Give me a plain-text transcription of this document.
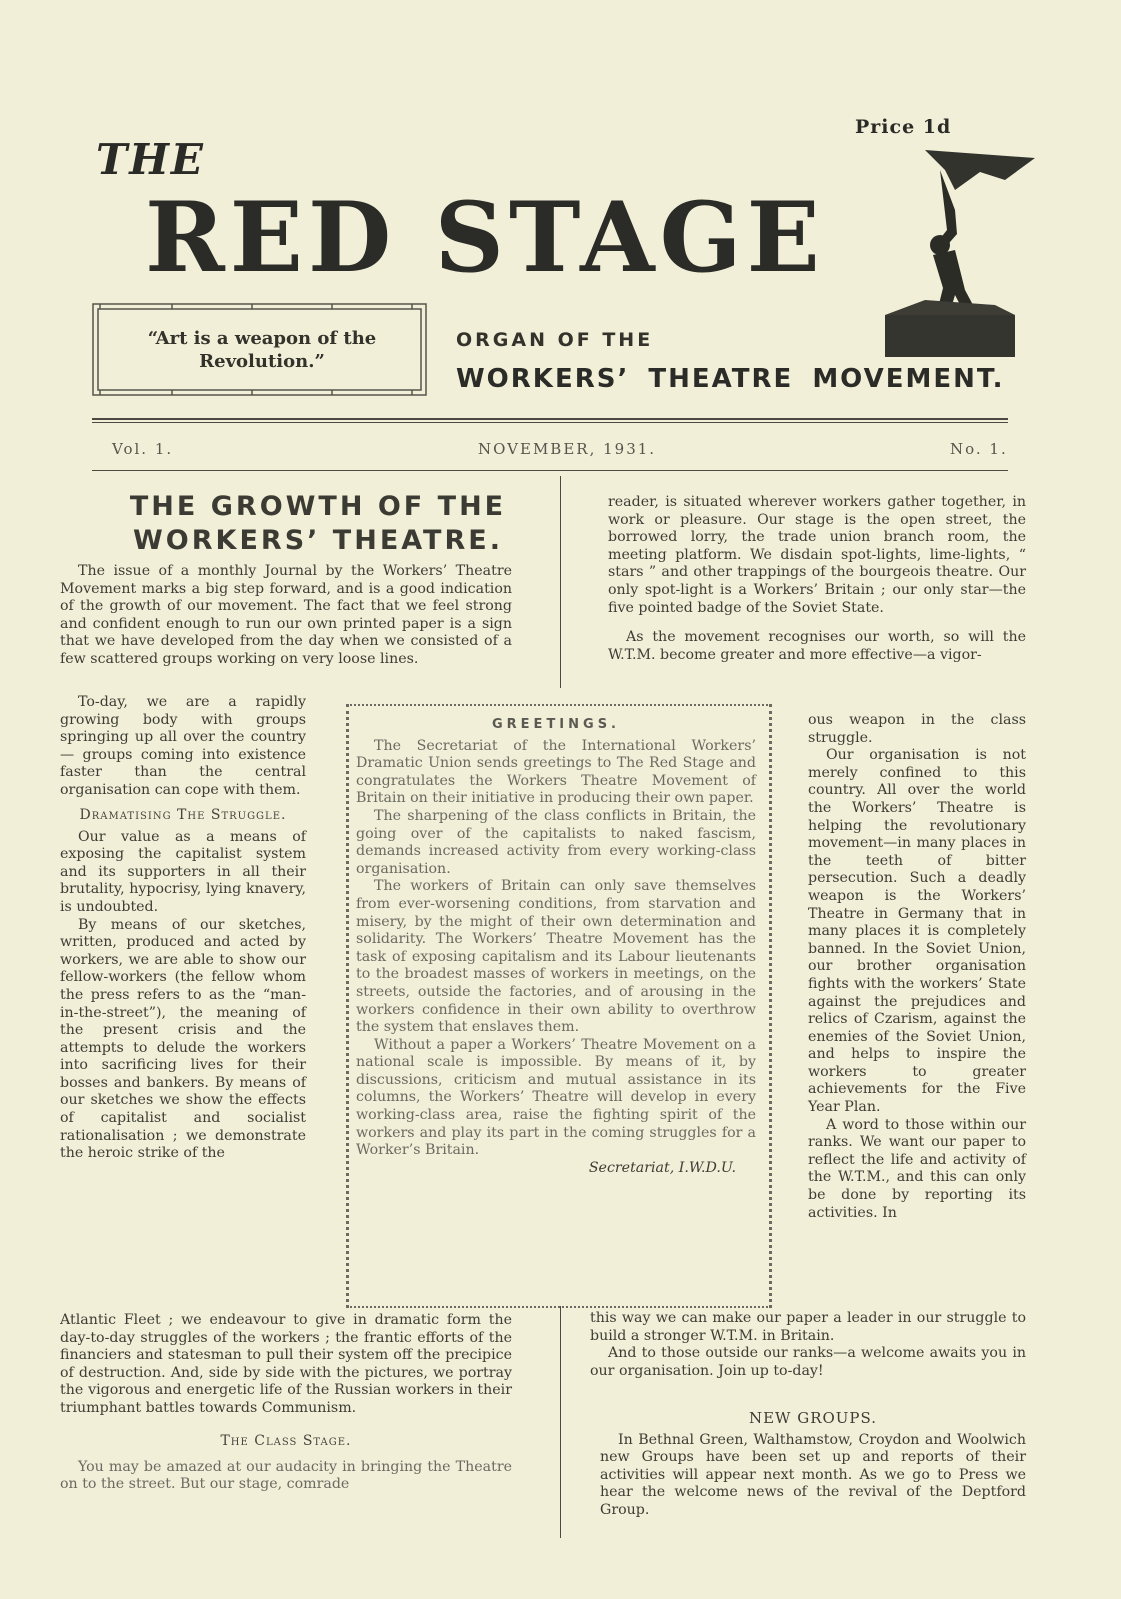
Price 1d
THE
RED STAGE
“Art is a weapon of the Revolution.”
ORGAN OF THE
WORKERS’ THEATRE MOVEMENT.
Vol. 1.	NOVEMBER, 1931.	No. 1.
THE GROWTH OF THE WORKERS’ THEATRE.

The issue of a monthly Journal by the Workers’ Theatre Movement marks a big step forward, and is a good indication of the growth of our movement. The fact that we feel strong and confident enough to run our own printed paper is a sign that we have developed from the day when we consisted of a few scattered groups working on very loose lines.

To-day, we are a rapidly growing body with groups springing up all over the country — groups coming into existence faster than the central organisation can cope with them.

Dramatising The Struggle.

Our value as a means of exposing the capitalist system and its supporters in all their brutality, hypocrisy, lying knavery, is undoubted.

By means of our sketches, written, produced and acted by workers, we are able to show our fellow-workers (the fellow whom the press refers to as the “man-in-the-street”), the meaning of the present crisis and the attempts to delude the workers into sacrificing lives for their bosses and bankers. By means of our sketches we show the effects of capitalist and socialist rationalisation ; we demonstrate the heroic strike of the

Atlantic Fleet ; we endeavour to give in dramatic form the day-to-day struggles of the workers ; the frantic efforts of the financiers and statesman to pull their system off the precipice of destruction. And, side by side with the pictures, we portray the vigorous and energetic life of the Russian workers in their triumphant battles towards Communism.

The Class Stage.

You may be amazed at our audacity in bringing the Theatre on to the street. But our stage, comrade

reader, is situated wherever workers gather together, in work or pleasure. Our stage is the open street, the borrowed lorry, the trade union branch room, the meeting platform. We disdain spot-lights, lime-lights, “ stars ” and other trappings of the bourgeois theatre. Our only spot-light is a Workers’ Britain ; our only star—the five pointed badge of the Soviet State.

As the movement recognises our worth, so will the W.T.M. become greater and more effective—a vigor-

ous weapon in the class struggle.

Our organisation is not merely confined to this country. All over the world the Workers’ Theatre is helping the revolutionary movement—in many places in the teeth of bitter persecution. Such a deadly weapon is the Workers’ Theatre in Germany that in many places it is completely banned. In the Soviet Union, our brother organisation fights with the workers’ State against the prejudices and relics of Czarism, against the enemies of the Soviet Union, and helps to inspire the workers to greater achievements for the Five Year Plan.

A word to those within our ranks. We want our paper to reflect the life and activity of the W.T.M., and this can only be done by reporting its activities. In

this way we can make our paper a leader in our struggle to build a stronger W.T.M. in Britain.

And to those outside our ranks—a welcome awaits you in our organisation. Join up to-day!

GREETINGS.

The Secretariat of the International Workers’ Dramatic Union sends greetings to The Red Stage and congratulates the Workers Theatre Movement of Britain on their initiative in producing their own paper.

The sharpening of the class conflicts in Britain, the going over of the capitalists to naked fascism, demands increased activity from every working-class organisation.

The workers of Britain can only save themselves from ever-worsening conditions, from starvation and misery, by the might of their own determination and solidarity. The Workers’ Theatre Movement has the task of exposing capitalism and its Labour lieutenants to the broadest masses of workers in meetings, on the streets, outside the factories, and of arousing in the workers confidence in their own ability to overthrow the system that enslaves them.

Without a paper a Workers’ Theatre Movement on a national scale is impossible. By means of it, by discussions, criticism and mutual assistance in its columns, the Workers’ Theatre will develop in every working-class area, raise the fighting spirit of the workers and play its part in the coming struggles for a Worker’s Britain.

Secretariat, I.W.D.U.
NEW GROUPS.

In Bethnal Green, Walthamstow, Croydon and Woolwich new Groups have been set up and reports of their activities will appear next month. As we go to Press we hear the welcome news of the revival of the Deptford Group.
